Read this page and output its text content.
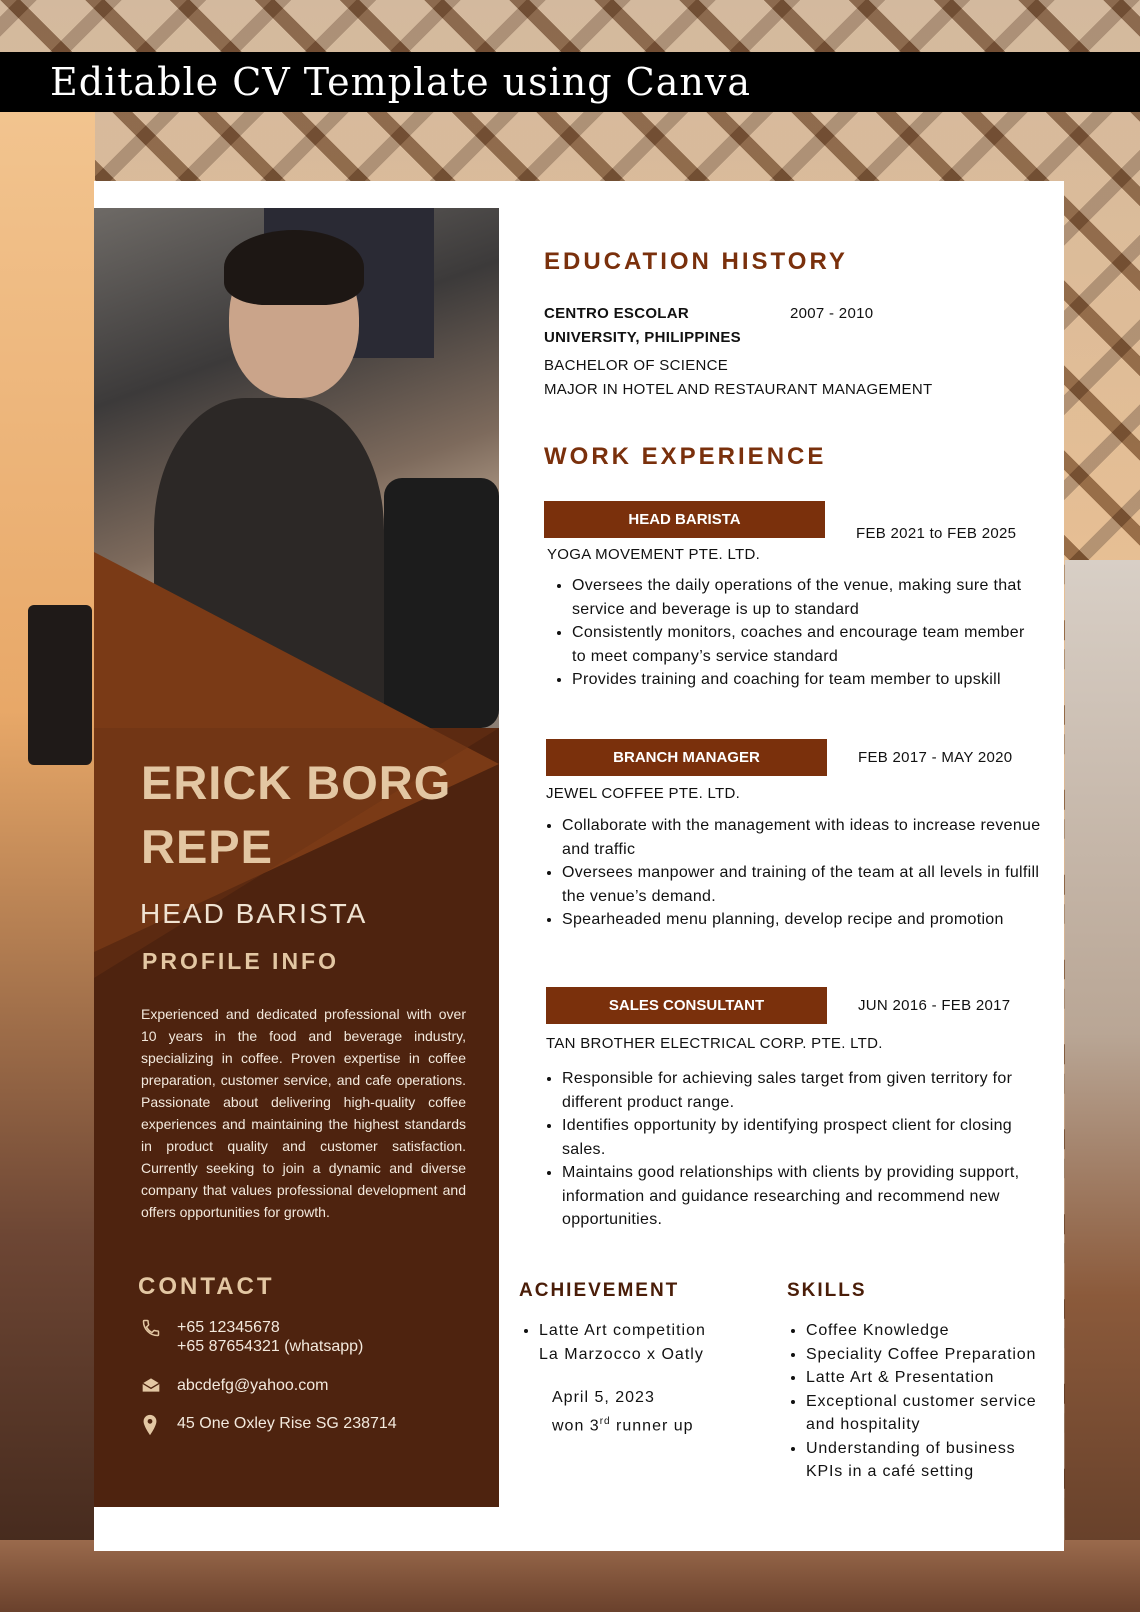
Editable CV Template using Canva
ERICK BORG REPE
HEAD BARISTA
PROFILE INFO
Experienced and dedicated professional with over 10 years in the food and beverage industry, specializing in coffee. Proven expertise in coffee preparation, customer service, and cafe operations. Passionate about delivering high-quality coffee experiences and maintaining the highest standards in product quality and customer satisfaction. Currently seeking to join a dynamic and diverse company that values professional development and offers opportunities for growth.
CONTACT
+65 12345678
+65 87654321 (whatsapp)
abcdefg@yahoo.com
45 One Oxley Rise SG 238714
EDUCATION HISTORY
CENTRO ESCOLAR
UNIVERSITY, PHILIPPINES
2007 - 2010
BACHELOR OF SCIENCE
MAJOR IN HOTEL AND RESTAURANT MANAGEMENT
WORK EXPERIENCE
HEAD BARISTA
FEB 2021 to FEB 2025
YOGA MOVEMENT PTE. LTD.
• Oversees the daily operations of the venue, making sure that service and beverage is up to standard
• Consistently monitors, coaches and encourage team member to meet company’s service standard
• Provides training and coaching for team member to upskill
BRANCH MANAGER	FEB 2017 - MAY 2020
JEWEL COFFEE PTE. LTD.
• Collaborate with the management with ideas to increase revenue and traffic
• Oversees manpower and training of the team at all levels in fulfill the venue’s demand.
• Spearheaded menu planning, develop recipe and promotion
SALES CONSULTANT	JUN 2016 - FEB 2017
TAN BROTHER ELECTRICAL CORP. PTE. LTD.
• Responsible for achieving sales target from given territory for different product range.
• Identifies opportunity by identifying prospect client for closing sales.
• Maintains good relationships with clients by providing support, information and guidance researching and recommend new opportunities.
ACHIEVEMENT
• Latte Art competition
La Marzocco x Oatly
April 5, 2023
won 3rd runner up
SKILLS
• Coffee Knowledge
• Speciality Coffee Preparation
• Latte Art & Presentation
• Exceptional customer service and hospitality
• Understanding of business KPIs in a café setting
